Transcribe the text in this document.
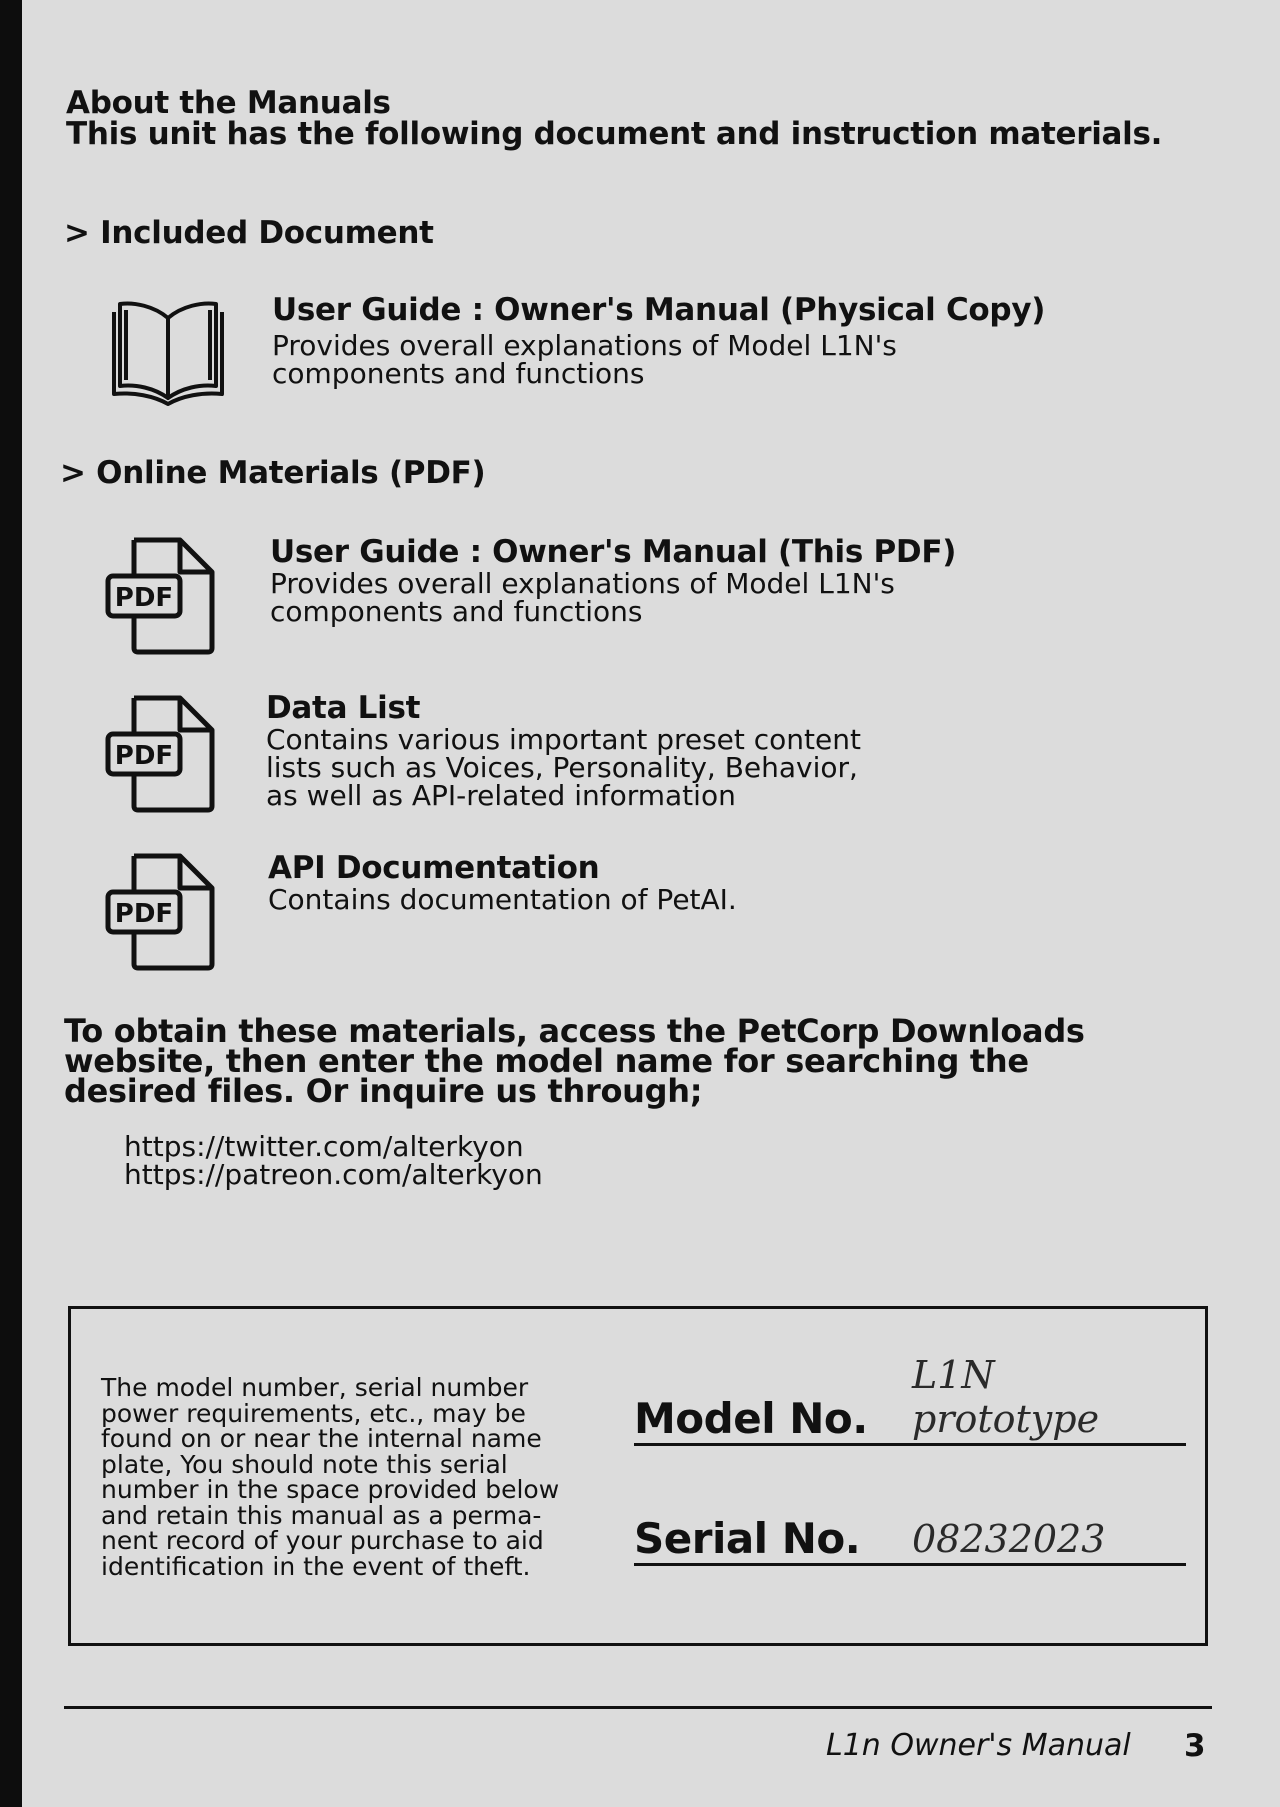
About the Manuals
This unit has the following document and instruction materials.
> Included Document
User Guide : Owner's Manual (Physical Copy)
Provides overall explanations of Model L1N's
components and functions
> Online Materials (PDF)
PDF
User Guide : Owner's Manual (This PDF)
Provides overall explanations of Model L1N's
components and functions
PDF
Data List
Contains various important preset content
lists such as Voices, Personality, Behavior,
as well as API-related information
PDF
API Documentation
Contains documentation of PetAI.
To obtain these materials, access the PetCorp Downloads
website, then enter the model name for searching the
desired files. Or inquire us through;
https://twitter.com/alterkyon
https://patreon.com/alterkyon
The model number, serial number
power requirements, etc., may be
found on or near the internal name
plate, You should note this serial
number in the space provided below
and retain this manual as a perma-
nent record of your purchase to aid
identification in the event of theft.
Model No.
L1N prototype
Serial No. 08232023
L1n Owner's Manual 3
